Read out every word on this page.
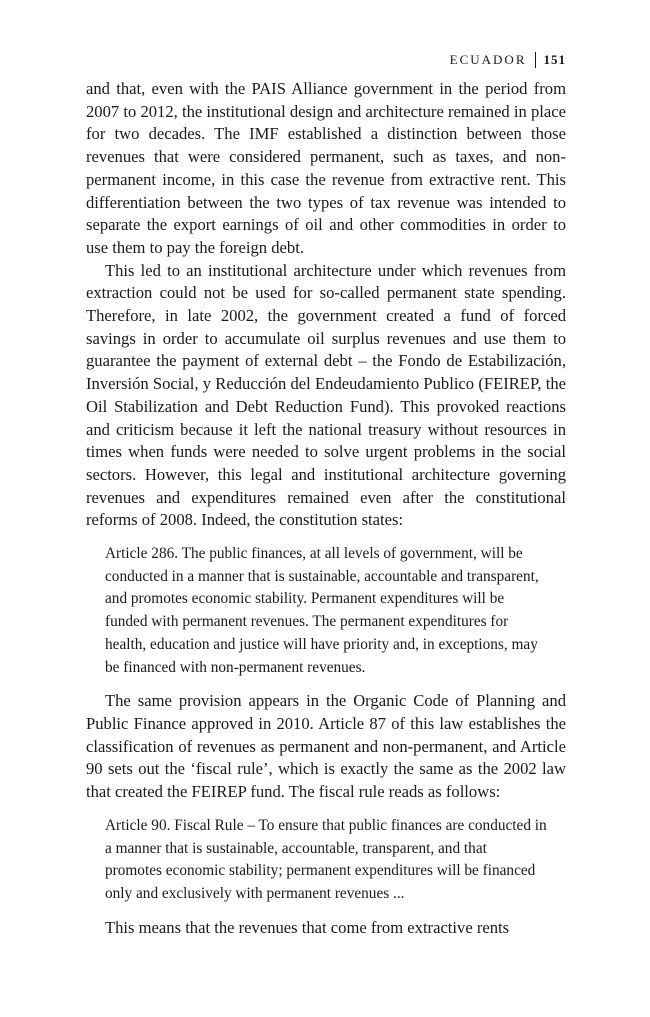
ECUADOR 151

and that, even with the PAIS Alliance government in the period from 2007 to 2012, the institutional design and architecture remained in place for two decades. The IMF established a distinction between those revenues that were considered permanent, such as taxes, and non-permanent income, in this case the revenue from extractive rent. This differentiation between the two types of tax revenue was intended to separate the export earnings of oil and other commodities in order to use them to pay the foreign debt.

This led to an institutional architecture under which revenues from extraction could not be used for so-called permanent state spending. Therefore, in late 2002, the government created a fund of forced savings in order to accumulate oil surplus revenues and use them to guarantee the payment of external debt – the Fondo de Estabilización, Inversión Social, y Reducción del Endeudamiento Publico (FEIREP, the Oil Stabilization and Debt Reduction Fund). This provoked reactions and criticism because it left the national treasury without resources in times when funds were needed to solve urgent problems in the social sectors. However, this legal and institutional architecture governing revenues and expenditures remained even after the constitutional reforms of 2008. Indeed, the constitution states:

Article 286. The public finances, at all levels of government, will be conducted in a manner that is sustainable, accountable and transparent, and promotes economic stability. Permanent expenditures will be funded with permanent revenues. The permanent expenditures for health, education and justice will have priority and, in exceptions, may be financed with non-permanent revenues.

The same provision appears in the Organic Code of Planning and Public Finance approved in 2010. Article 87 of this law establishes the classification of revenues as permanent and non-permanent, and Article 90 sets out the ‘fiscal rule’, which is exactly the same as the 2002 law that created the FEIREP fund. The fiscal rule reads as follows:

Article 90. Fiscal Rule – To ensure that public finances are conducted in a manner that is sustainable, accountable, transparent, and that promotes economic stability; permanent expenditures will be financed only and exclusively with permanent revenues ...

This means that the revenues that come from extractive rents
